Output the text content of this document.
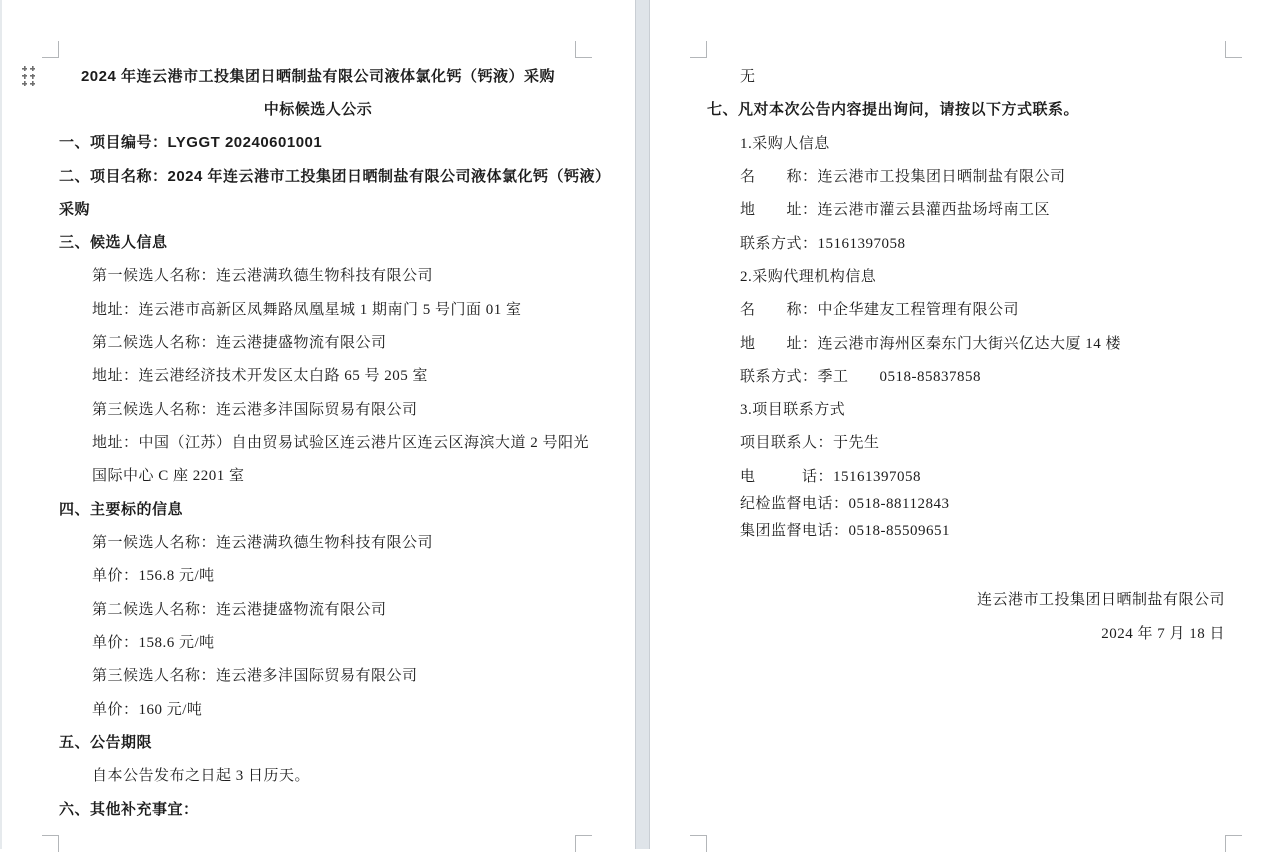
2024 年连云港市工投集团日晒制盐有限公司液体氯化钙（钙液）采购
中标候选人公示
一、项目编号：LYGGT 20240601001
二、项目名称：2024 年连云港市工投集团日晒制盐有限公司液体氯化钙（钙液）
采购
三、候选人信息
第一候选人名称：连云港满玖德生物科技有限公司
地址：连云港市高新区凤舞路凤凰星城 1 期南门 5 号门面 01 室
第二候选人名称：连云港捷盛物流有限公司
地址：连云港经济技术开发区太白路 65 号 205 室
第三候选人名称：连云港多沣国际贸易有限公司
地址：中国（江苏）自由贸易试验区连云港片区连云区海滨大道 2 号阳光
国际中心 C 座 2201 室
四、主要标的信息
第一候选人名称：连云港满玖德生物科技有限公司
单价：156.8 元/吨
第二候选人名称：连云港捷盛物流有限公司
单价：158.6 元/吨
第三候选人名称：连云港多沣国际贸易有限公司
单价：160 元/吨
五、公告期限
自本公告发布之日起 3 日历天。
六、其他补充事宜：
无
七、凡对本次公告内容提出询问，请按以下方式联系。
1.采购人信息
名　　称：连云港市工投集团日晒制盐有限公司
地　　址：连云港市灌云县灌西盐场埒南工区
联系方式：15161397058
2.采购代理机构信息
名　　称：中企华建友工程管理有限公司
地　　址：连云港市海州区秦东门大街兴亿达大厦 14 楼
联系方式：季工　　0518-85837858
3.项目联系方式
项目联系人：于先生
电　　　话：15161397058
纪检监督电话：0518-88112843
集团监督电话：0518-85509651
连云港市工投集团日晒制盐有限公司
2024 年 7 月 18 日
